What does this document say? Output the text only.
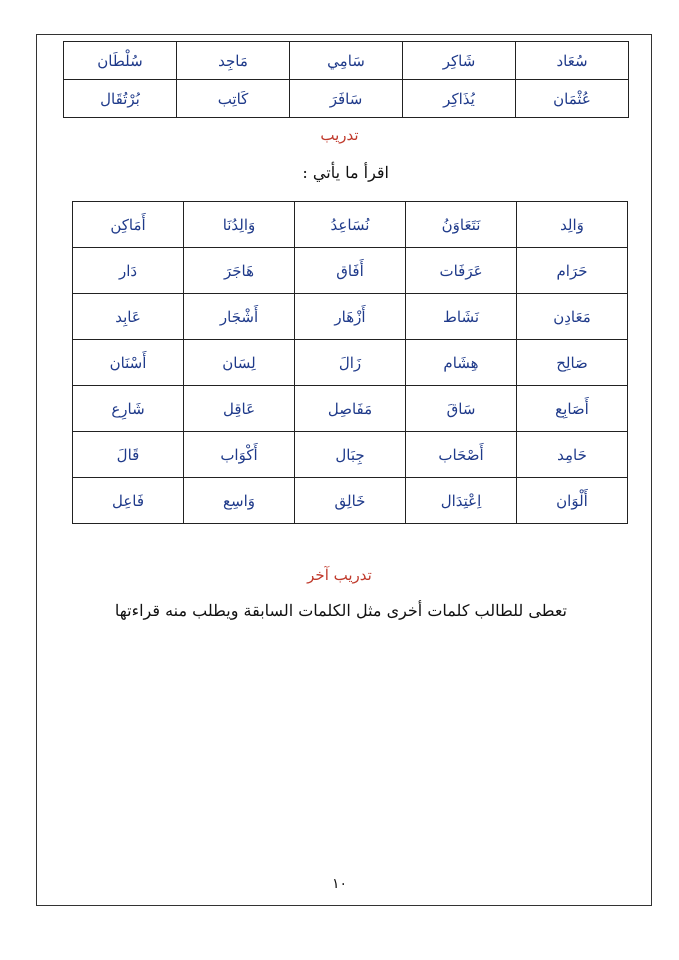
سُعَاد	شَاكِر	سَامِي	مَاجِد	سُلْطَان
عُثْمَان	يُذَاكِر	سَافَرَ	كَاتِب	بُرْتُقَال
تدريب
اقرأ ما يأتي :
وَالِد	نَتَعَاوَنُ	نُسَاعِدُ	وَالِدُنَا	أَمَاكِن
حَرَام	عَرَفَات	أَفَاق	هَاجَرَ	دَار
مَعَادِن	نَشَاط	أَزْهَار	أَشْجَار	عَابِد
صَالِح	هِشَام	زَالَ	لِسَان	أَسْنَان
أَصَابِع	سَاقَ	مَفَاصِل	عَاقِل	شَارِع
حَامِد	أَصْحَاب	جِبَال	أَكْوَاب	قَالَ
أَلْوَان	اِعْتِدَال	خَالِق	وَاسِع	فَاعِل
تدريب آخر
تعطى للطالب كلمات أخرى مثل الكلمات السابقة ويطلب منه قراءتها
١٠
